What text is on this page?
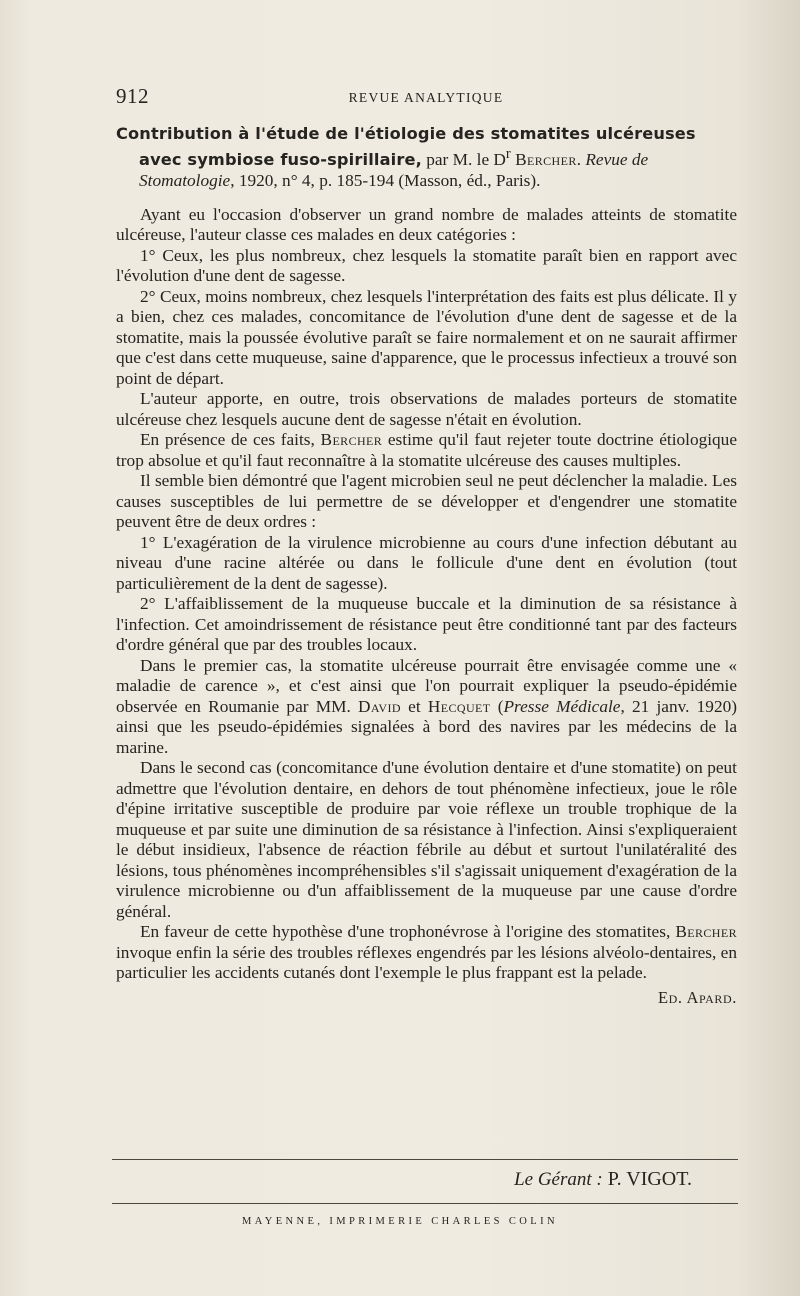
912	REVUE ANALYTIQUE
Contribution à l'étude de l'étiologie des stomatites ulcéreuses avec symbiose fuso-spirillaire, par M. le $D^r$ Bercher. Revue de Stomatologie, 1920, n° 4, p. 185-194 (Masson, éd., Paris).

Ayant eu l'occasion d'observer un grand nombre de malades atteints de stomatite ulcéreuse, l'auteur classe ces malades en deux catégories :

1° Ceux, les plus nombreux, chez lesquels la stomatite paraît bien en rapport avec l'évolution d'une dent de sagesse.

2° Ceux, moins nombreux, chez lesquels l'interprétation des faits est plus délicate. Il y a bien, chez ces malades, concomitance de l'évolution d'une dent de sagesse et de la stomatite, mais la poussée évolutive paraît se faire normalement et on ne saurait affirmer que c'est dans cette muqueuse, saine d'apparence, que le processus infectieux a trouvé son point de départ.

L'auteur apporte, en outre, trois observations de malades porteurs de stomatite ulcéreuse chez lesquels aucune dent de sagesse n'était en évolution.

En présence de ces faits, Bercher estime qu'il faut rejeter toute doctrine étiologique trop absolue et qu'il faut reconnaître à la stomatite ulcéreuse des causes multiples.

Il semble bien démontré que l'agent microbien seul ne peut déclencher la maladie. Les causes susceptibles de lui permettre de se développer et d'engendrer une stomatite peuvent être de deux ordres :

1° L'exagération de la virulence microbienne au cours d'une infection débutant au niveau d'une racine altérée ou dans le follicule d'une dent en évolution (tout particulièrement de la dent de sagesse).

2° L'affaiblissement de la muqueuse buccale et la diminution de sa résistance à l'infection. Cet amoindrissement de résistance peut être conditionné tant par des facteurs d'ordre général que par des troubles locaux.

Dans le premier cas, la stomatite ulcéreuse pourrait être envisagée comme une « maladie de carence », et c'est ainsi que l'on pourrait expliquer la pseudo-épidémie observée en Roumanie par MM. David et Hecquet (Presse Médicale, 21 janv. 1920) ainsi que les pseudo-épidémies signalées à bord des navires par les médecins de la marine.

Dans le second cas (concomitance d'une évolution dentaire et d'une stomatite) on peut admettre que l'évolution dentaire, en dehors de tout phénomène infectieux, joue le rôle d'épine irritative susceptible de produire par voie réflexe un trouble trophique de la muqueuse et par suite une diminution de sa résistance à l'infection. Ainsi s'expliqueraient le début insidieux, l'absence de réaction fébrile au début et surtout l'unilatéralité des lésions, tous phénomènes incompréhensibles s'il s'agissait uniquement d'exagération de la virulence microbienne ou d'un affaiblissement de la muqueuse par une cause d'ordre général.

En faveur de cette hypothèse d'une trophonévrose à l'origine des stomatites, Bercher invoque enfin la série des troubles réflexes engendrés par les lésions alvéolo-dentaires, en particulier les accidents cutanés dont l'exemple le plus frappant est la pelade.

Ed. Apard.
Le Gérant : P. VIGOT.
MAYENNE, IMPRIMERIE CHARLES COLIN
